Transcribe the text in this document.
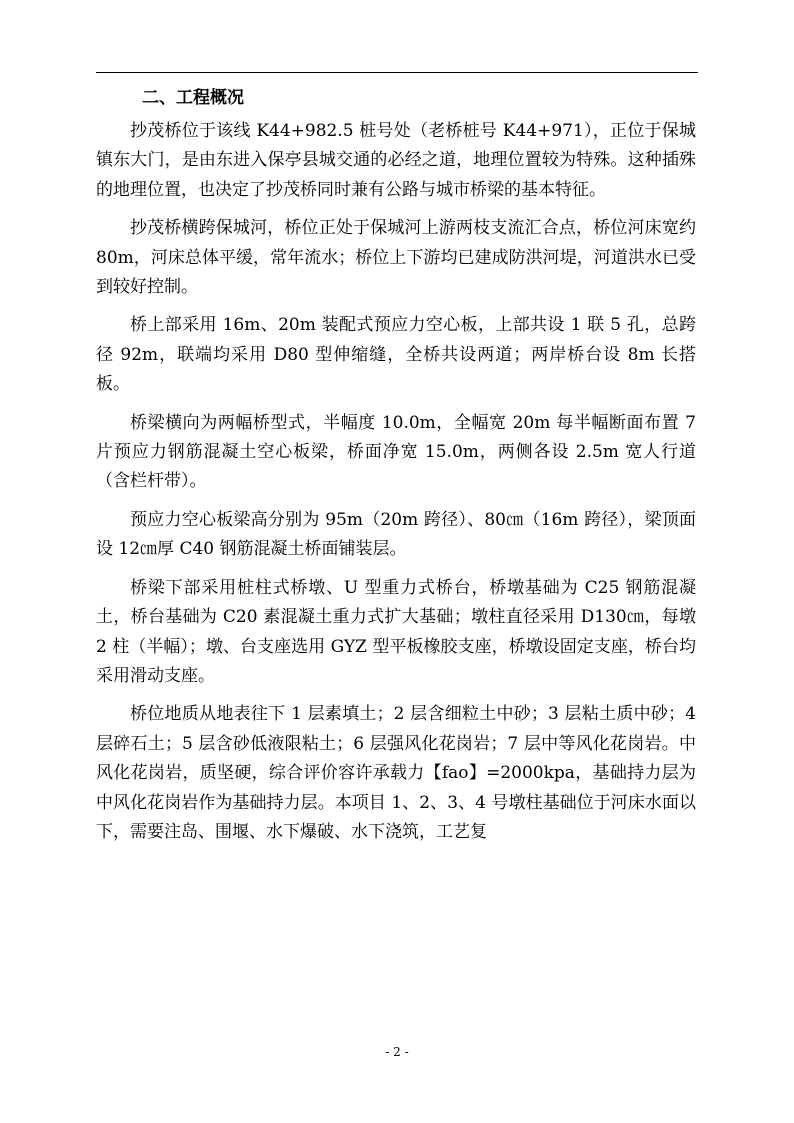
二、工程概况

抄茂桥位于该线 K44+982.5 桩号处（老桥桩号 K44+971），正位于保城镇东大门，是由东进入保亭县城交通的必经之道，地理位置较为特殊。这种插殊的地理位置，也决定了抄茂桥同时兼有公路与城市桥梁的基本特征。

抄茂桥横跨保城河，桥位正处于保城河上游两枝支流汇合点，桥位河床宽约 80m，河床总体平缓，常年流水；桥位上下游均已建成防洪河堤，河道洪水已受到较好控制。

桥上部采用 16m、20m 装配式预应力空心板，上部共设 1 联 5 孔，总跨径 92m，联端均采用 D80 型伸缩缝，全桥共设两道；两岸桥台设 8m 长搭板。

桥梁横向为两幅桥型式，半幅度 10.0m，全幅宽 20m 每半幅断面布置 7 片预应力钢筋混凝土空心板梁，桥面净宽 15.0m，两侧各设 2.5m 宽人行道（含栏杆带）。

预应力空心板梁高分别为 95m（20m 跨径）、80㎝（16m 跨径），梁顶面设 12㎝厚 C40 钢筋混凝土桥面铺装层。

桥梁下部采用桩柱式桥墩、U 型重力式桥台，桥墩基础为 C25 钢筋混凝土，桥台基础为 C20 素混凝土重力式扩大基础；墩柱直径采用 D130㎝，每墩 2 柱（半幅）；墩、台支座选用 GYZ 型平板橡胶支座，桥墩设固定支座，桥台均采用滑动支座。

桥位地质从地表往下 1 层素填土；2 层含细粒土中砂；3 层粘土质中砂；4 层碎石土；5 层含砂低液限粘土；6 层强风化花岗岩；7 层中等风化花岗岩。中风化花岗岩，质坚硬，综合评价容许承载力【fao】=2000kpa，基础持力层为中风化花岗岩作为基础持力层。本项目 1、2、3、4 号墩柱基础位于河床水面以下，需要注岛、围堰、水下爆破、水下浇筑，工艺复

- 2 -
